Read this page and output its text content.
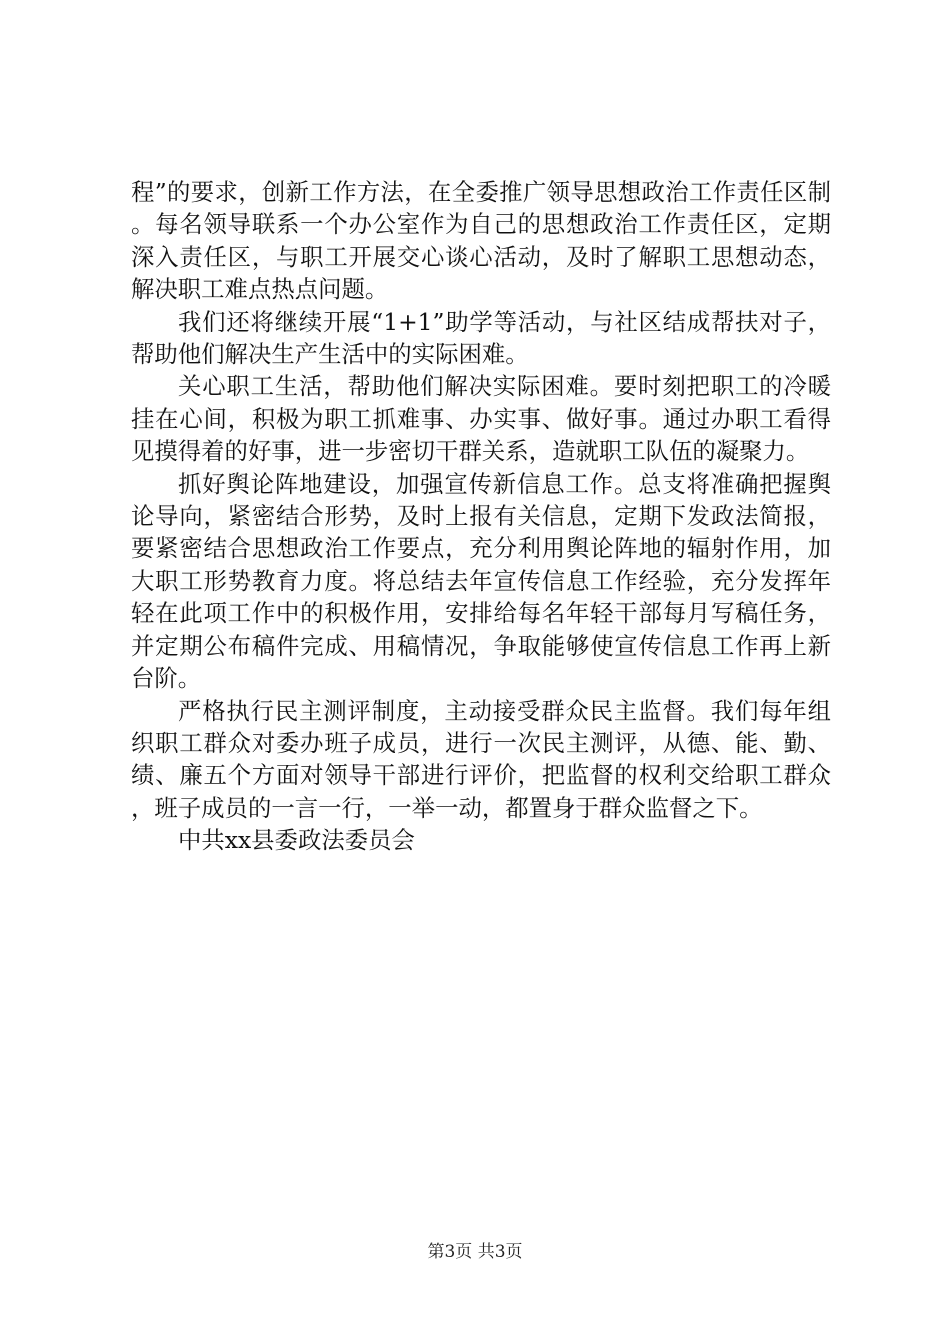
程”的要求，创新工作方法，在全委推广领导思想政治工作责任区制。每名领导联系一个办公室作为自己的思想政治工作责任区，定期深入责任区，与职工开展交心谈心活动，及时了解职工思想动态，解决职工难点热点问题。

我们还将继续开展“1+1”助学等活动，与社区结成帮扶对子，帮助他们解决生产生活中的实际困难。

关心职工生活，帮助他们解决实际困难。要时刻把职工的冷暖挂在心间，积极为职工抓难事、办实事、做好事。通过办职工看得见摸得着的好事，进一步密切干群关系，造就职工队伍的凝聚力。

抓好舆论阵地建设，加强宣传新信息工作。总支将准确把握舆论导向，紧密结合形势，及时上报有关信息，定期下发政法简报，要紧密结合思想政治工作要点，充分利用舆论阵地的辐射作用，加大职工形势教育力度。将总结去年宣传信息工作经验，充分发挥年轻在此项工作中的积极作用，安排给每名年轻干部每月写稿任务，并定期公布稿件完成、用稿情况，争取能够使宣传信息工作再上新台阶。

严格执行民主测评制度，主动接受群众民主监督。我们每年组织职工群众对委办班子成员，进行一次民主测评，从德、能、勤、绩、廉五个方面对领导干部进行评价，把监督的权利交给职工群众，班子成员的一言一行，一举一动，都置身于群众监督之下。

中共xx县委政法委员会

第3页 共3页
